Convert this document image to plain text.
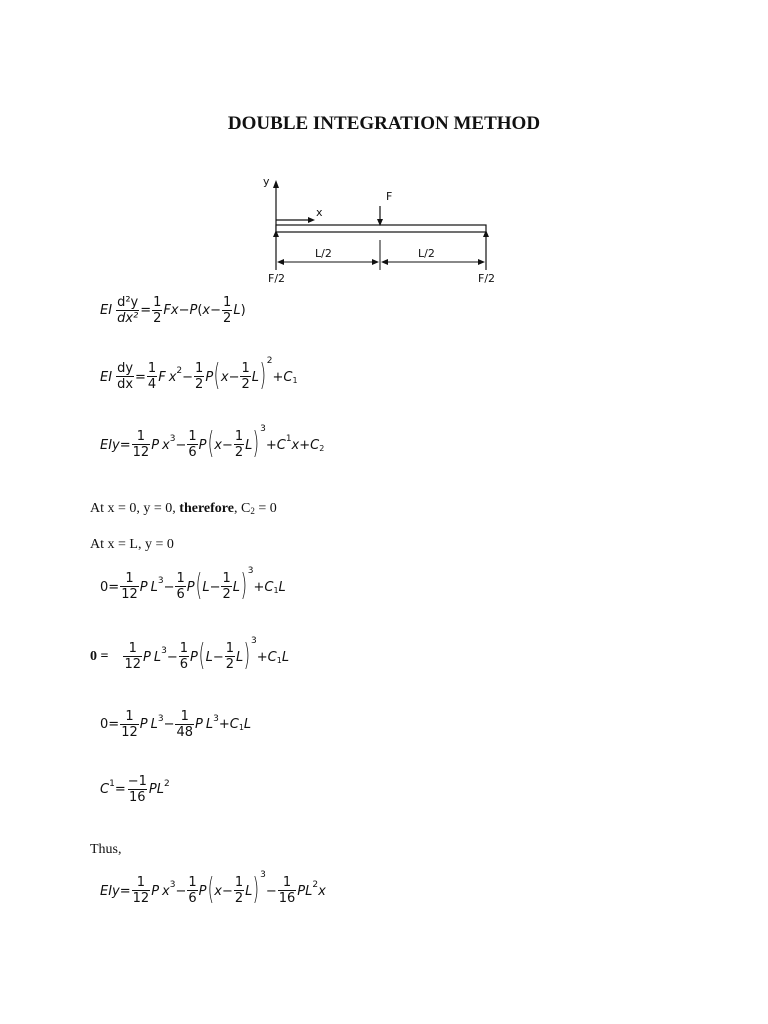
DOUBLE INTEGRATION METHOD
y
x
F
L/2	L/2
F/2	F/2
EI $\frac{\text{d²y}}{\text{dx²}} = \frac{1}{2}$ Fx − P ( $x - \frac{1}{2}$ L )
EI $\frac{dy}{dx} = \frac{1}{4}$ F x $2 - \frac{1}{2}$ P ( $x - \frac{1}{2}$ L ) 2
+ C 1
EIy = $\frac{1}{12}$ P x $3 - \frac{1}{6}$ P ( $x - \frac{1}{2}$ L ) 3
+ C 1 x + C 2
At x = 0, y = 0, therefore, C2 = 0
At x = L, y = 0
$0 = \frac{1}{12}$ P L $3 - \frac{1}{6}$ P ( $L - \frac{1}{2}$ L ) 3
+ C 1 L
$0 = \frac{1}{12}$ P L $3 - \frac{1}{6}$ P ( $L - \frac{1}{2}$ L ) 3
+ C 1 L
$0 = \frac{1}{12}$ P L $3 - \frac{1}{48}$ P L 3 + C 1 L
C $1 = \frac{-1}{16}$ P L 2
Thus,
EIy = $\frac{1}{12}$ P x $3 - \frac{1}{6}$ P ( $x - \frac{1}{2}$ L ) 3
− $\frac{1}{16}$ P L 2 x
